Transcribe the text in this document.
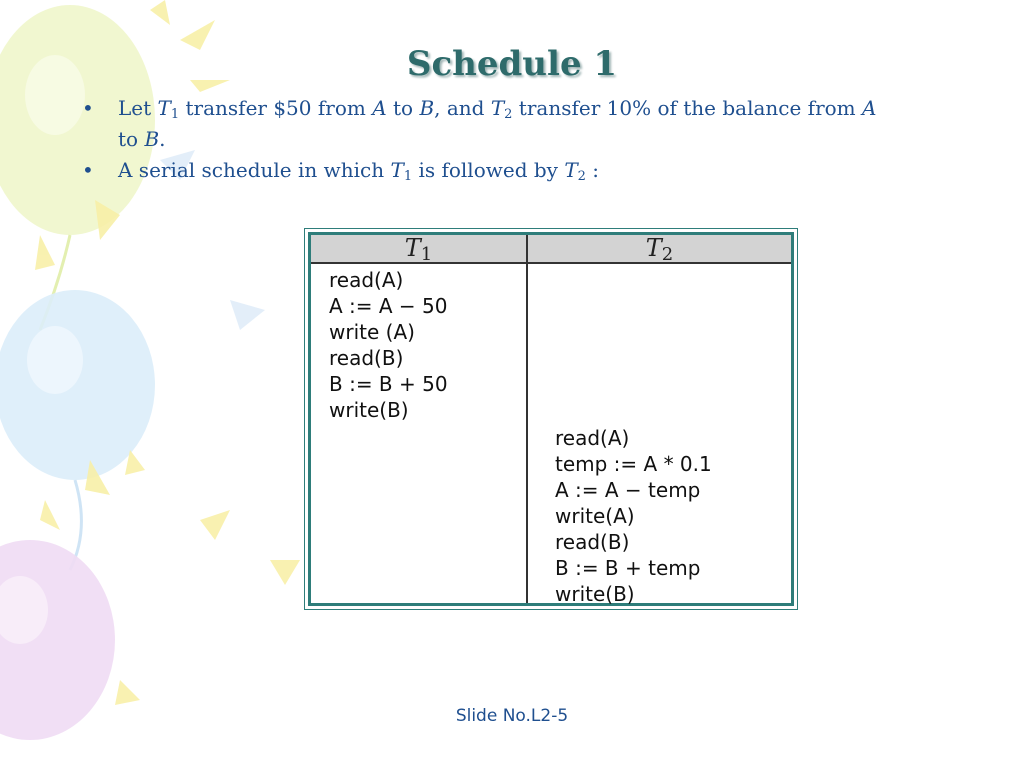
Schedule 1
• Let $T_1$ transfer $50 from A to B, and $T_2$ transfer 10% of the balance from A to B.
• A serial schedule in which $T_1$ is followed by $T_2$ :
$T_1$	$T_2$
read(A)
A := A − 50
write (A)
read(B)
B := B + 50
write(B)
read(A)
temp := A * 0.1
A := A − temp
write(A)
read(B)
B := B + temp
write(B)
Slide No.L2-5
